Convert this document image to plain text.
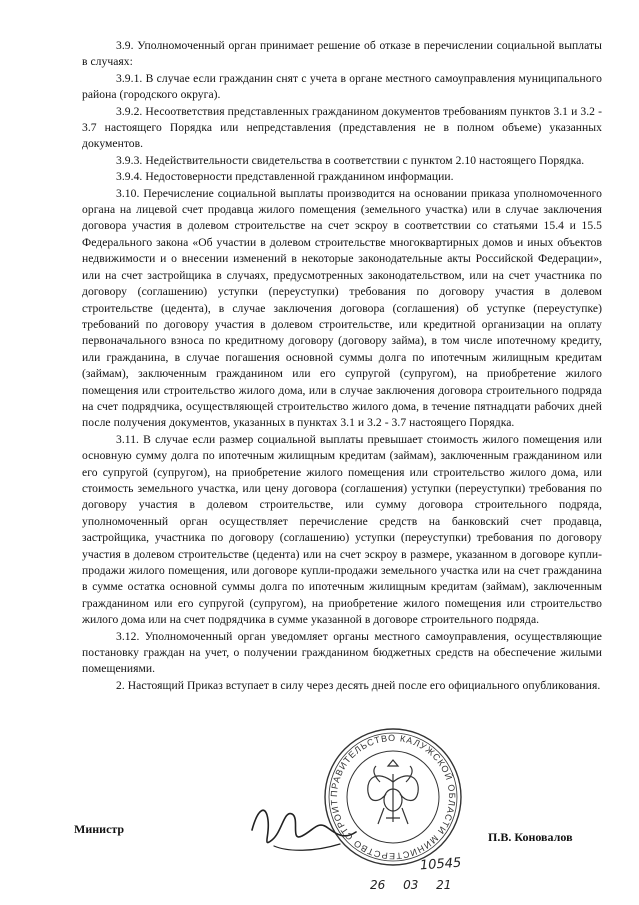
3.9. Уполномоченный орган принимает решение об отказе в перечислении социальной выплаты в случаях:

3.9.1. В случае если гражданин снят с учета в органе местного самоуправления муниципального района (городского округа).

3.9.2. Несоответствия представленных гражданином документов требованиям пунктов 3.1 и 3.2 - 3.7 настоящего Порядка или непредставления (представления не в полном объеме) указанных документов.

3.9.3. Недействительности свидетельства в соответствии с пунктом 2.10 настоящего Порядка.

3.9.4. Недостоверности представленной гражданином информации.

3.10. Перечисление социальной выплаты производится на основании приказа уполномоченного органа на лицевой счет продавца жилого помещения (земельного участка) или в случае заключения договора участия в долевом строительстве на счет эскроу в соответствии со статьями 15.4 и 15.5 Федерального закона «Об участии в долевом строительстве многоквартирных домов и иных объектов недвижимости и о внесении изменений в некоторые законодательные акты Российской Федерации», или на счет застройщика в случаях, предусмотренных законодательством, или на счет участника по договору (соглашению) уступки (переуступки) требования по договору участия в долевом строительстве (цедента), в случае заключения договора (соглашения) об уступке (переуступке) требований по договору участия в долевом строительстве, или кредитной организации на оплату первоначального взноса по кредитному договору (договору займа), в том числе ипотечному кредиту, или гражданина, в случае погашения основной суммы долга по ипотечным жилищным кредитам (займам), заключенным гражданином или его супругой (супругом), на приобретение жилого помещения или строительство жилого дома, или в случае заключения договора строительного подряда на счет подрядчика, осуществляющей строительство жилого дома, в течение пятнадцати рабочих дней после получения документов, указанных в пунктах 3.1 и 3.2 - 3.7 настоящего Порядка.

3.11. В случае если размер социальной выплаты превышает стоимость жилого помещения или основную сумму долга по ипотечным жилищным кредитам (займам), заключенным гражданином или его супругой (супругом), на приобретение жилого помещения или строительство жилого дома, или стоимость земельного участка, или цену договора (соглашения) уступки (переуступки) требования по договору участия в долевом строительстве, или сумму договора строительного подряда, уполномоченный орган осуществляет перечисление средств на банковский счет продавца, застройщика, участника по договору (соглашению) уступки (переуступки) требования по договору участия в долевом строительстве (цедента) или на счет эскроу в размере, указанном в договоре купли-продажи жилого помещения, или договоре купли-продажи земельного участка или на счет гражданина в сумме остатка основной суммы долга по ипотечным жилищным кредитам (займам), заключенным гражданином или его супругой (супругом), на приобретение жилого помещения или строительство жилого дома или на счет подрядчика в сумме указанной в договоре строительного подряда.

3.12. Уполномоченный орган уведомляет органы местного самоуправления, осуществляющие постановку граждан на учет, о получении гражданином бюджетных средств на обеспечение жилыми помещениями.

2. Настоящий Приказ вступает в силу через десять дней после его официального опубликования.

Министр
П.В. Коновалов
ПРАВИТЕЛЬСТВО КАЛУЖСКОЙ ОБЛАСТИ МИНИСТЕРСТВО СТРОИТ
10545
26 03 21
